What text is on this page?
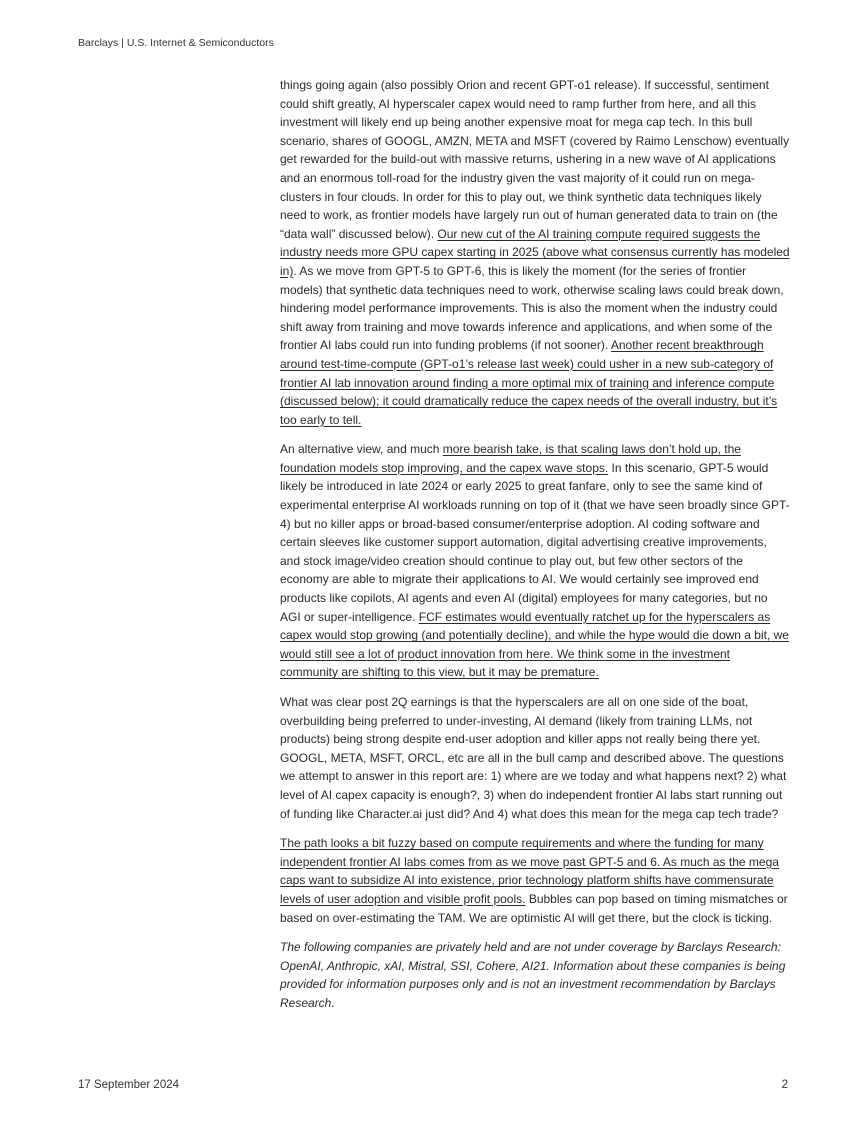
Barclays | U.S. Internet & Semiconductors

things going again (also possibly Orion and recent GPT-o1 release). If successful, sentiment could shift greatly, AI hyperscaler capex would need to ramp further from here, and all this investment will likely end up being another expensive moat for mega cap tech. In this bull scenario, shares of GOOGL, AMZN, META and MSFT (covered by Raimo Lenschow) eventually get rewarded for the build-out with massive returns, ushering in a new wave of AI applications and an enormous toll-road for the industry given the vast majority of it could run on mega-clusters in four clouds. In order for this to play out, we think synthetic data techniques likely need to work, as frontier models have largely run out of human generated data to train on (the “data wall” discussed below). Our new cut of the AI training compute required suggests the industry needs more GPU capex starting in 2025 (above what consensus currently has modeled in). As we move from GPT-5 to GPT-6, this is likely the moment (for the series of frontier models) that synthetic data techniques need to work, otherwise scaling laws could break down, hindering model performance improvements. This is also the moment when the industry could shift away from training and move towards inference and applications, and when some of the frontier AI labs could run into funding problems (if not sooner). Another recent breakthrough around test-time-compute (GPT-o1’s release last week) could usher in a new sub-category of frontier AI lab innovation around finding a more optimal mix of training and inference compute (discussed below); it could dramatically reduce the capex needs of the overall industry, but it’s too early to tell.

An alternative view, and much more bearish take, is that scaling laws don’t hold up, the foundation models stop improving, and the capex wave stops. In this scenario, GPT-5 would likely be introduced in late 2024 or early 2025 to great fanfare, only to see the same kind of experimental enterprise AI workloads running on top of it (that we have seen broadly since GPT-4) but no killer apps or broad-based consumer/enterprise adoption. AI coding software and certain sleeves like customer support automation, digital advertising creative improvements, and stock image/video creation should continue to play out, but few other sectors of the economy are able to migrate their applications to AI. We would certainly see improved end products like copilots, AI agents and even AI (digital) employees for many categories, but no AGI or super-intelligence. FCF estimates would eventually ratchet up for the hyperscalers as capex would stop growing (and potentially decline), and while the hype would die down a bit, we would still see a lot of product innovation from here. We think some in the investment community are shifting to this view, but it may be premature.

What was clear post 2Q earnings is that the hyperscalers are all on one side of the boat, overbuilding being preferred to under-investing, AI demand (likely from training LLMs, not products) being strong despite end-user adoption and killer apps not really being there yet. GOOGL, META, MSFT, ORCL, etc are all in the bull camp and described above. The questions we attempt to answer in this report are: 1) where are we today and what happens next? 2) what level of AI capex capacity is enough?, 3) when do independent frontier AI labs start running out of funding like Character.ai just did? And 4) what does this mean for the mega cap tech trade?

The path looks a bit fuzzy based on compute requirements and where the funding for many independent frontier AI labs comes from as we move past GPT-5 and 6. As much as the mega caps want to subsidize AI into existence, prior technology platform shifts have commensurate levels of user adoption and visible profit pools. Bubbles can pop based on timing mismatches or based on over-estimating the TAM. We are optimistic AI will get there, but the clock is ticking.

The following companies are privately held and are not under coverage by Barclays Research: OpenAI, Anthropic, xAI, Mistral, SSI, Cohere, AI21. Information about these companies is being provided for information purposes only and is not an investment recommendation by Barclays Research.

17 September 2024	2
